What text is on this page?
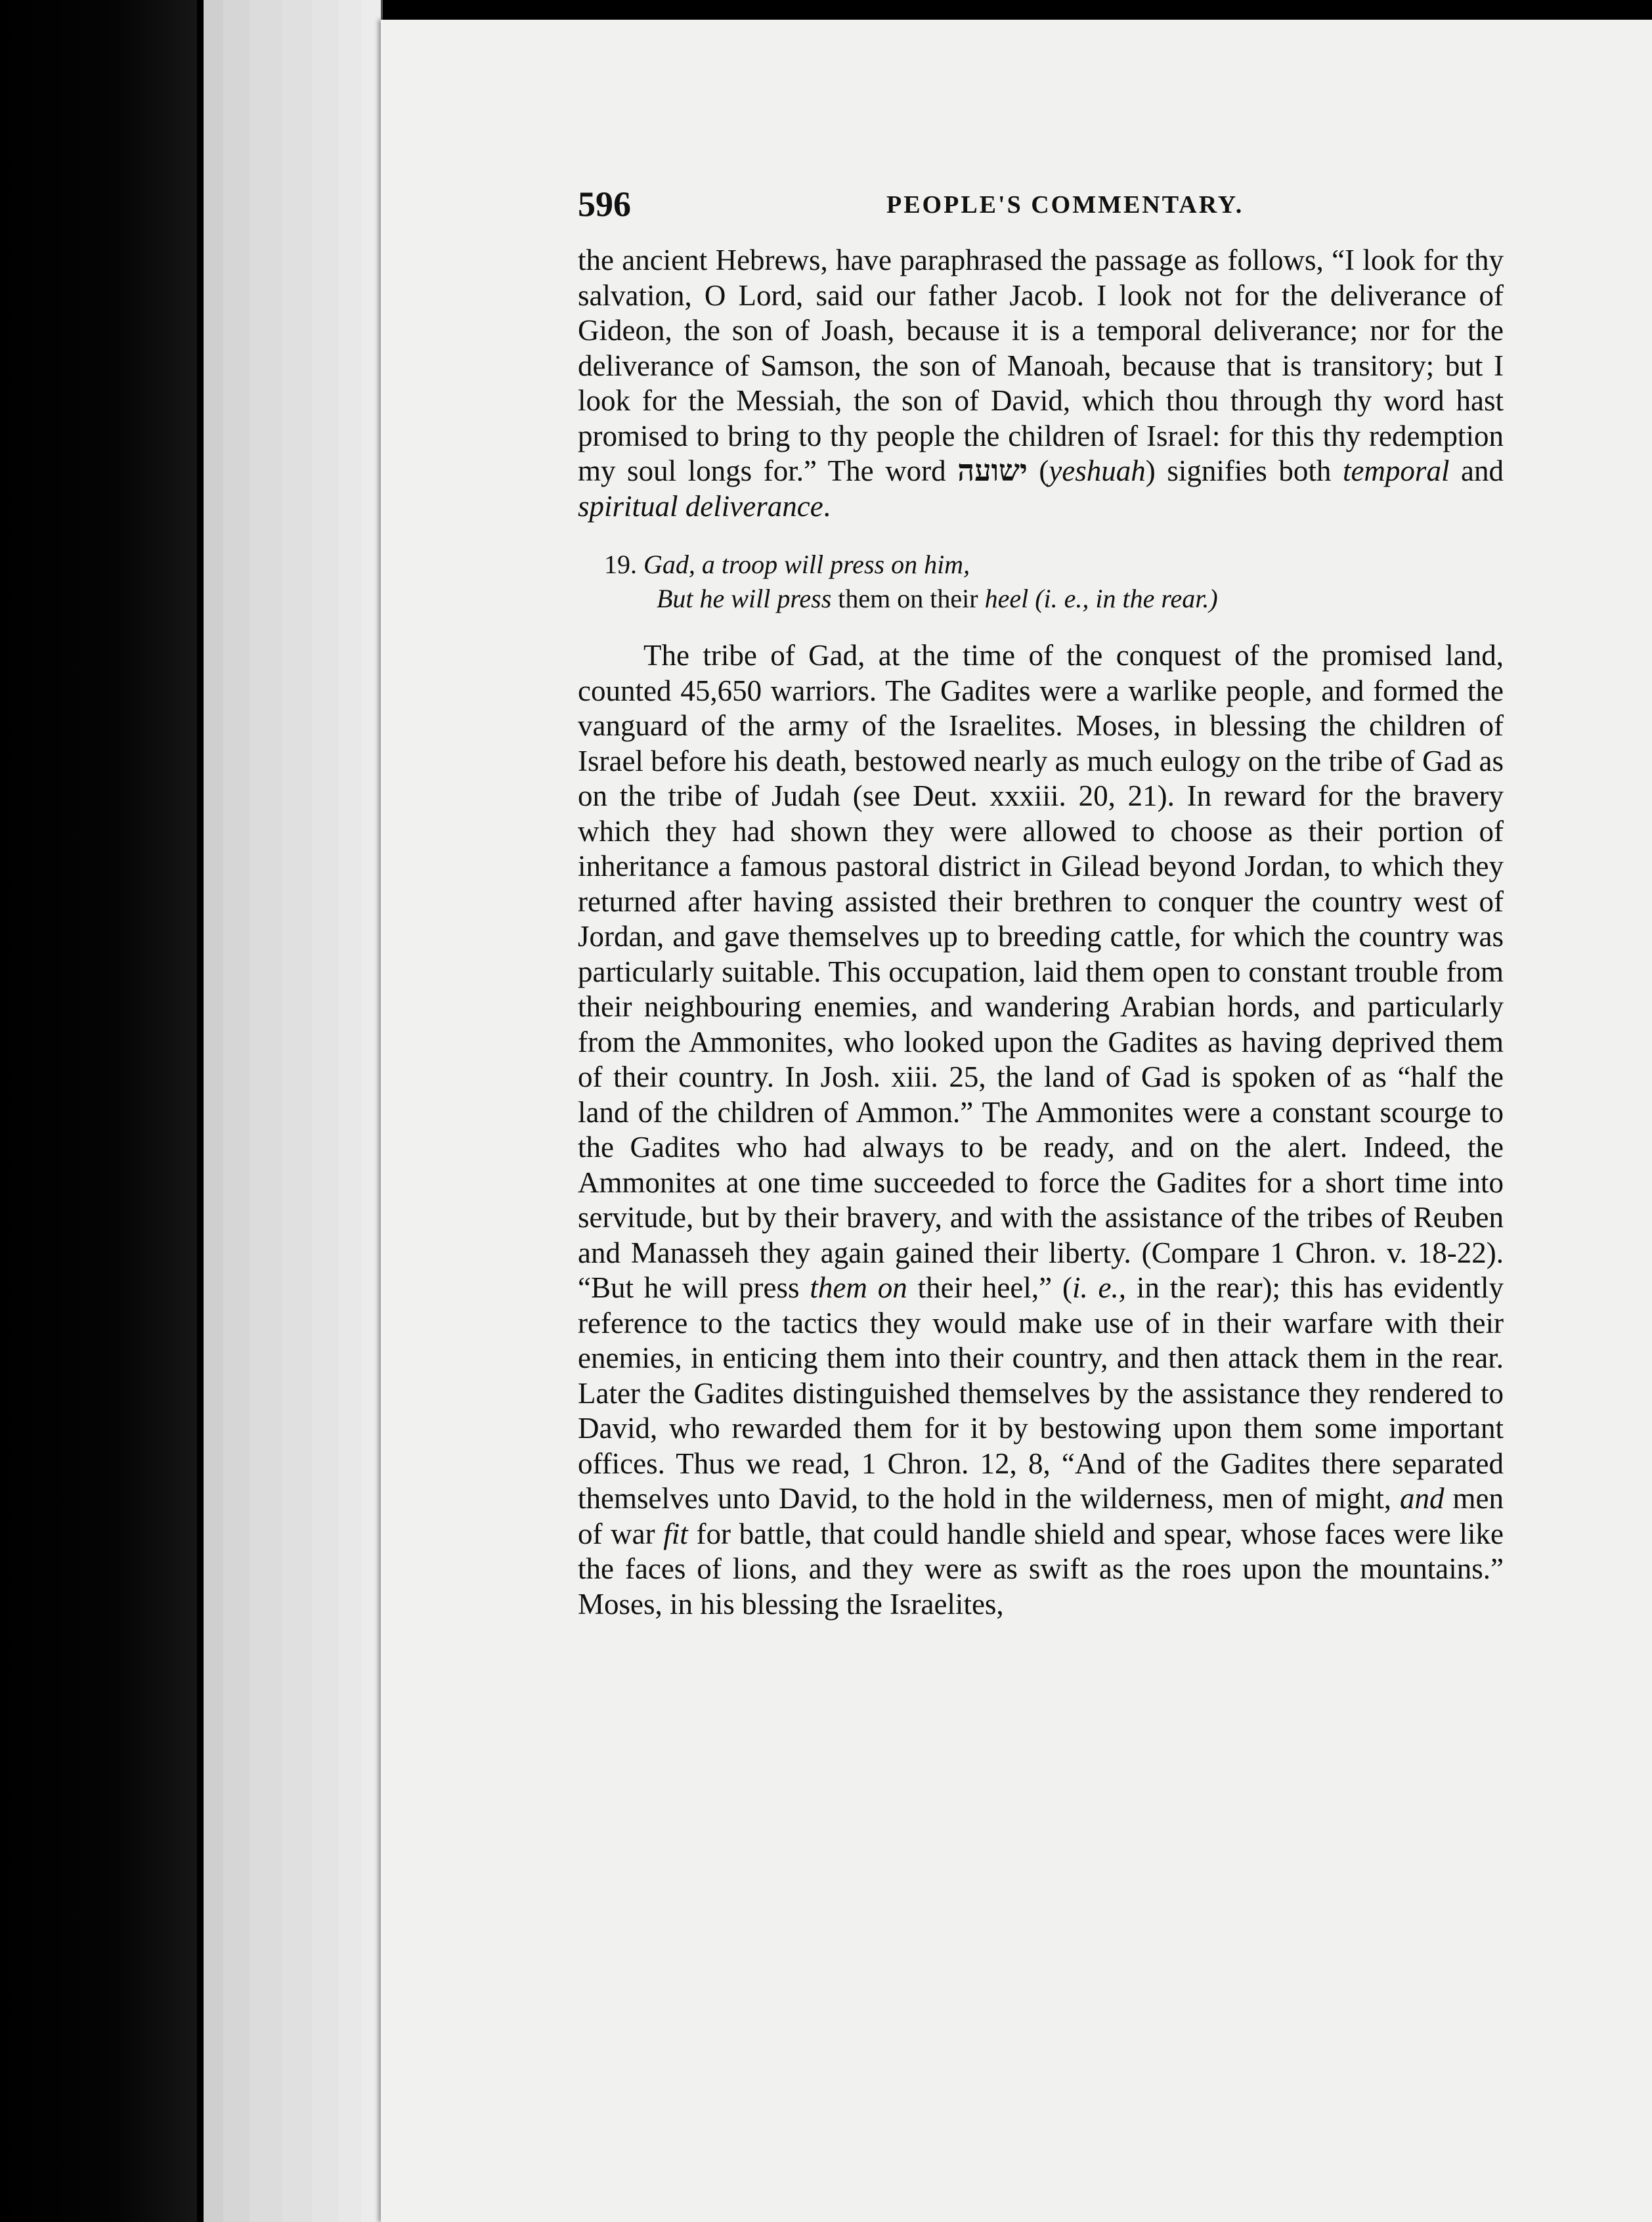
596	PEOPLE'S COMMENTARY.

the ancient Hebrews, have paraphrased the passage as follows, “I look for thy salvation, O Lord, said our father Jacob. I look not for the deliverance of Gideon, the son of Joash, because it is a temporal deliverance; nor for the deliverance of Samson, the son of Manoah, because that is transitory; but I look for the Messiah, the son of David, which thou through thy word hast promised to bring to thy people the children of Israel: for this thy redemption my soul longs for.” The word ישועה (yeshuah) signifies both temporal and spiritual deliverance.

19. Gad, a troop will press on him,
But he will press them on their heel (i. e., in the rear.)

The tribe of Gad, at the time of the conquest of the promised land, counted 45,650 warriors. The Gadites were a warlike people, and formed the vanguard of the army of the Israelites. Moses, in blessing the children of Israel before his death, bestowed nearly as much eulogy on the tribe of Gad as on the tribe of Judah (see Deut. xxxiii. 20, 21). In reward for the bravery which they had shown they were allowed to choose as their portion of inheritance a famous pastoral district in Gilead beyond Jordan, to which they returned after having assisted their brethren to conquer the country west of Jordan, and gave themselves up to breeding cattle, for which the country was particularly suitable. This occupation, laid them open to constant trouble from their neighbouring enemies, and wandering Arabian hords, and particularly from the Ammonites, who looked upon the Gadites as having deprived them of their country. In Josh. xiii. 25, the land of Gad is spoken of as “half the land of the children of Ammon.” The Ammonites were a constant scourge to the Gadites who had always to be ready, and on the alert. Indeed, the Ammonites at one time succeeded to force the Gadites for a short time into servitude, but by their bravery, and with the assistance of the tribes of Reuben and Manasseh they again gained their liberty. (Compare 1 Chron. v. 18-22). “But he will press them on their heel,” (i. e., in the rear); this has evidently reference to the tactics they would make use of in their warfare with their enemies, in enticing them into their country, and then attack them in the rear. Later the Gadites distinguished themselves by the assistance they rendered to David, who rewarded them for it by bestowing upon them some important offices. Thus we read, 1 Chron. 12, 8, “And of the Gadites there separated themselves unto David, to the hold in the wilderness, men of might, and men of war fit for battle, that could handle shield and spear, whose faces were like the faces of lions, and they were as swift as the roes upon the mountains.” Moses, in his blessing the Israelites,
